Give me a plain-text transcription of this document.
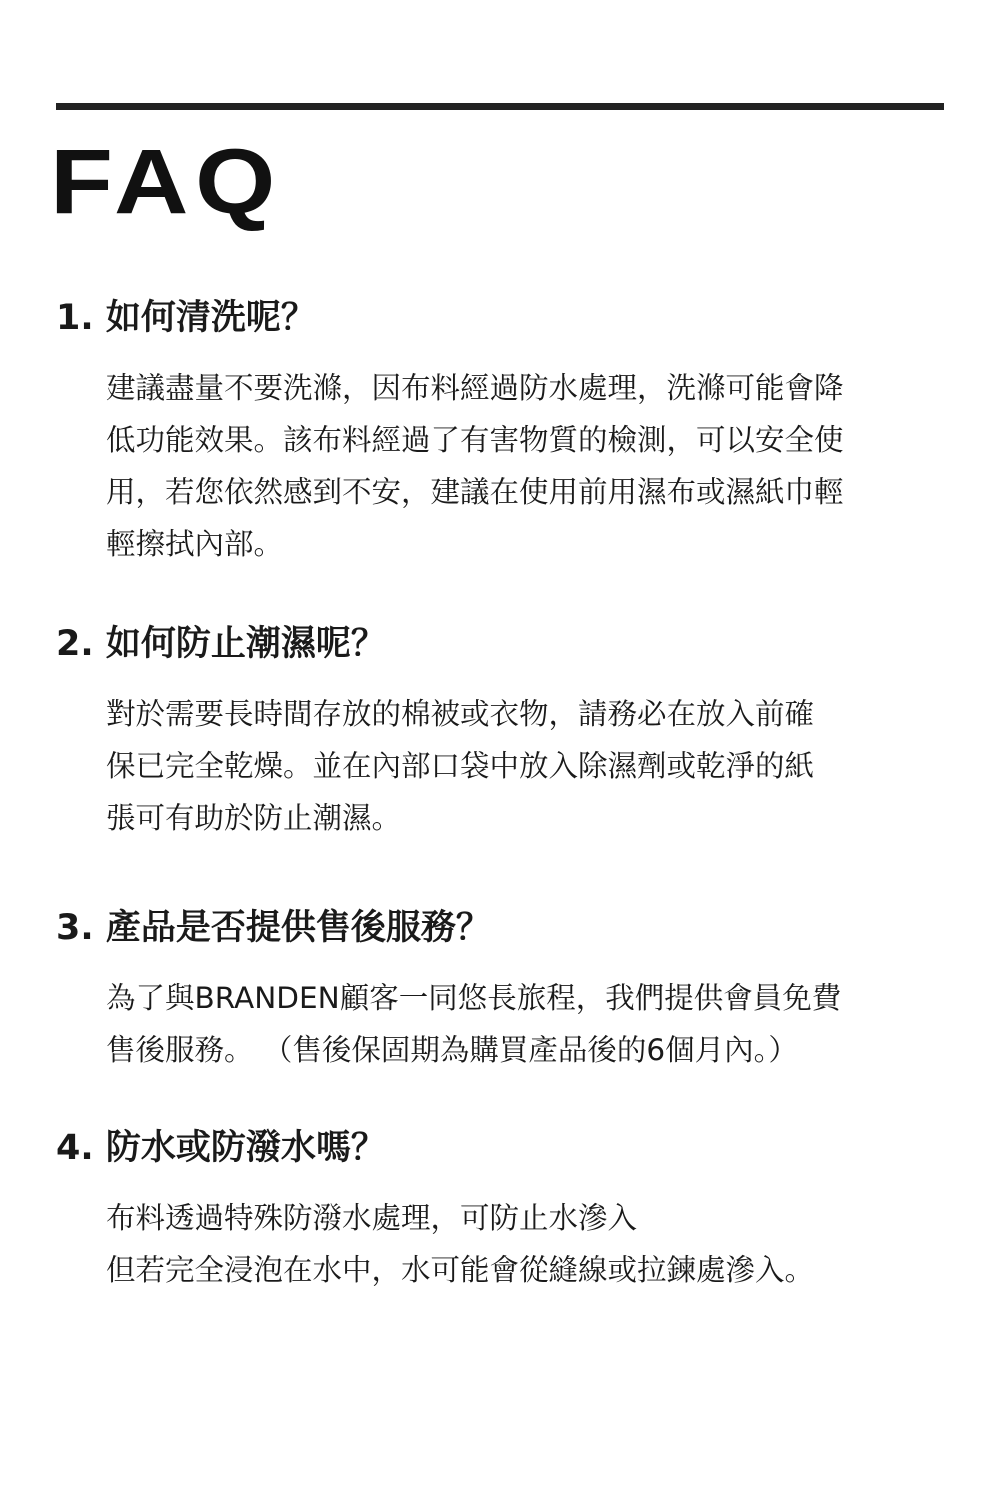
FAQ
1. 如何清洗呢？

建議盡量不要洗滌，因布料經過防水處理，洗滌可能會降
低功能效果。該布料經過了有害物質的檢測，可以安全使
用，若您依然感到不安，建議在使用前用濕布或濕紙巾輕
輕擦拭內部。

2. 如何防止潮濕呢？

對於需要長時間存放的棉被或衣物，請務必在放入前確
保已完全乾燥。並在內部口袋中放入除濕劑或乾淨的紙
張可有助於防止潮濕。

3. 產品是否提供售後服務？

為了與BRANDEN顧客一同悠長旅程，我們提供會員免費
售後服務。 （售後保固期為購買產品後的6個月內。）

4. 防水或防潑水嗎？

布料透過特殊防潑水處理，可防止水滲入
但若完全浸泡在水中，水可能會從縫線或拉鍊處滲入。
